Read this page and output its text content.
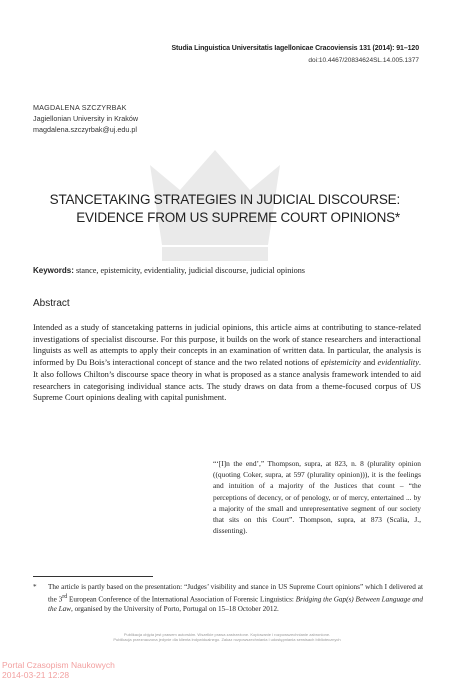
Studia Linguistica Universitatis Iagellonicae Cracoviensis 131 (2014): 91–120
doi:10.4467/20834624SL.14.005.1377
MAGDALENA SZCZYRBAK
Jagiellonian University in Kraków
magdalena.szczyrbak@uj.edu.pl
STANCETAKING STRATEGIES IN JUDICIAL DISCOURSE:
EVIDENCE FROM US SUPREME COURT OPINIONS*
Keywords: stance, epistemicity, evidentiality, judicial discourse, judicial opinions
Abstract
Intended as a study of stancetaking patterns in judicial opinions, this article aims at contributing to stance-related investigations of specialist discourse. For this purpose, it builds on the work of stance researchers and interactional linguists as well as attempts to apply their concepts in an examination of written data. In particular, the analysis is informed by Du Bois’s interactional concept of stance and the two related notions of epistemicity and evidentiality. It also follows Chilton’s discourse space theory in what is proposed as a stance analysis framework intended to aid researchers in categorising individual stance acts. The study draws on data from a theme-focused corpus of US Supreme Court opinions dealing with capital punishment.
“‘[I]n the end’,” Thompson, supra, at 823, n. 8 (plurality opinion ((quoting Coker, supra, at 597 (plurality opinion))), it is the feelings and intuition of a majority of the Justices that count – “the perceptions of decency, or of penology, or of mercy, entertained ... by a majority of the small and unrepresentative segment of our society that sits on this Court”. Thompson, supra, at 873 (Scalia, J., dissenting).
* The article is partly based on the presentation: “Judges’ visibility and stance in US Supreme Court opinions” which I delivered at the 3rd European Conference of the International Association of Forensic Linguistics: Bridging the Gap(s) Between Language and the Law, organised by the University of Porto, Portugal on 15–18 October 2012.
Publikacja objęta jest prawem autorskim. Wszelkie prawa zastrzeżone. Kopiowanie i rozpowszechnianie zabronione.
Publikacja przeznaczona jedynie dla klienta indywidualnego. Zakaz rozpowszechniania i udostępniania serwisach bibliotecznych
Portal Czasopism Naukowych
2014-03-21 12:28
